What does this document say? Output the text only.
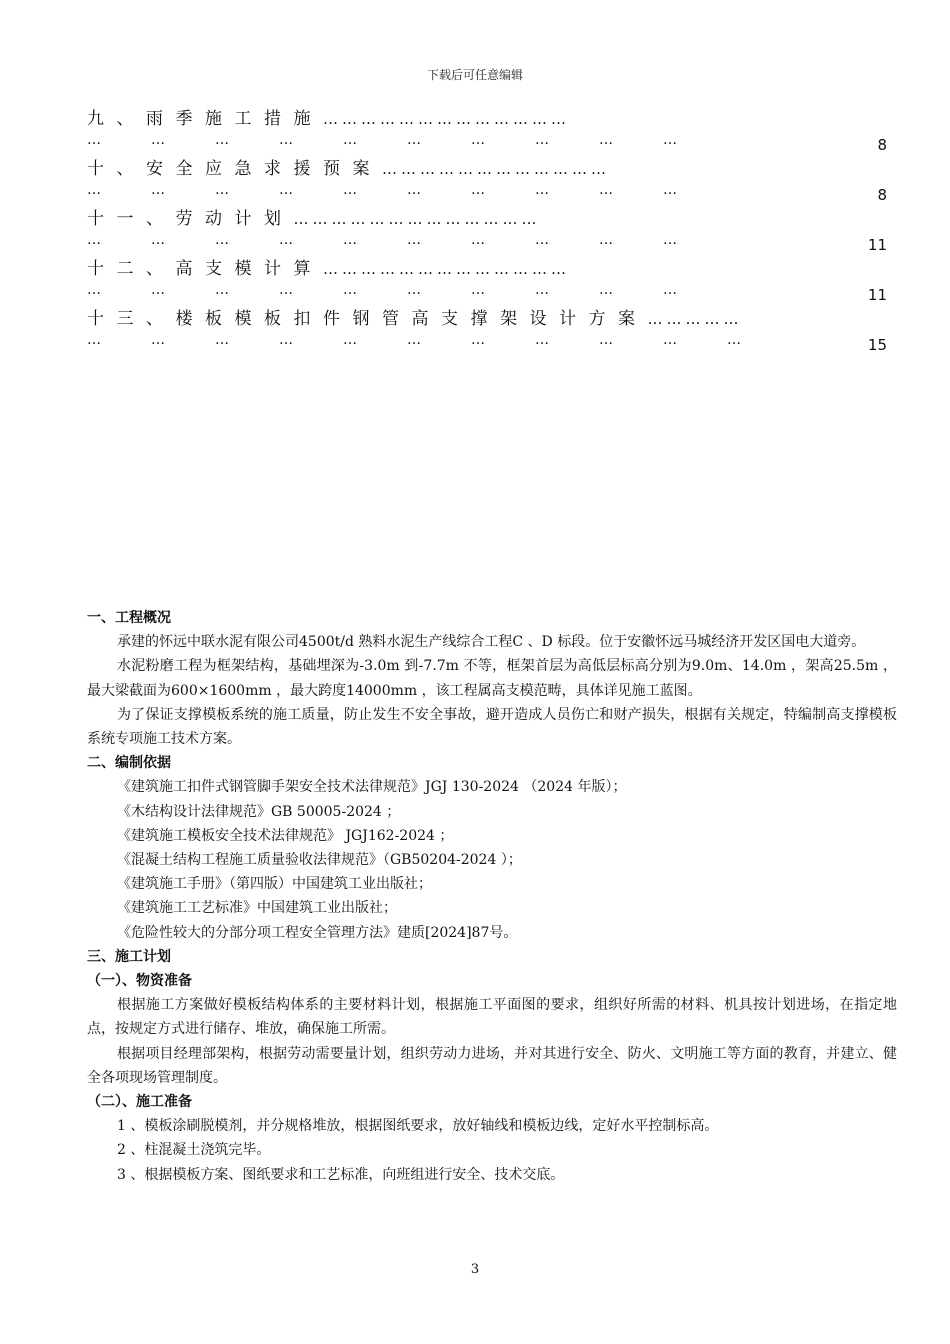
下载后可任意编辑
九、雨季施工措施…………………………………
…………………………	8
十、安全应急求援预案………………………………
…………………………	8
十一、劳动计划…………………………………
…………………………	11
十二、高支模计算…………………………………
…………………………	11
十三、楼板模板扣件钢管高支撑架设计方案……………
……………………………	15

一、工程概况

承建的怀远中联水泥有限公司4500t/d 熟料水泥生产线综合工程C 、D 标段。位于安徽怀远马城经济开发区国电大道旁。

水泥粉磨工程为框架结构，基础埋深为-3.0m 到-7.7m 不等，框架首层为高低层标高分别为9.0m、14.0m ，架高25.5m ，最大梁截面为600×1600mm ，最大跨度14000mm ，该工程属高支模范畴，具体详见施工蓝图。

为了保证支撑模板系统的施工质量，防止发生不安全事故，避开造成人员伤亡和财产损失，根据有关规定，特编制高支撑模板系统专项施工技术方案。

二、编制依据

《建筑施工扣件式钢管脚手架安全技术法律规范》JGJ 130-2024 （2024 年版）；

《木结构设计法律规范》GB 50005-2024 ；

《建筑施工模板安全技术法律规范》 JGJ162-2024 ；

《混凝土结构工程施工质量验收法律规范》（GB50204-2024 ）；

《建筑施工手册》（第四版）中国建筑工业出版社；

《建筑施工工艺标准》中国建筑工业出版社；

《危险性较大的分部分项工程安全管理方法》建质[2024]87号。

三、施工计划

（一）、物资准备

根据施工方案做好模板结构体系的主要材料计划，根据施工平面图的要求，组织好所需的材料、机具按计划进场，在指定地点，按规定方式进行储存、堆放，确保施工所需。

根据项目经理部架构，根据劳动需要量计划，组织劳动力进场，并对其进行安全、防火、文明施工等方面的教育，并建立、健全各项现场管理制度。

（二）、施工准备

1 、模板涂刷脱模剂，并分规格堆放，根据图纸要求，放好轴线和模板边线，定好水平控制标高。

2 、柱混凝土浇筑完毕。

3 、根据模板方案、图纸要求和工艺标准，向班组进行安全、技术交底。

3
